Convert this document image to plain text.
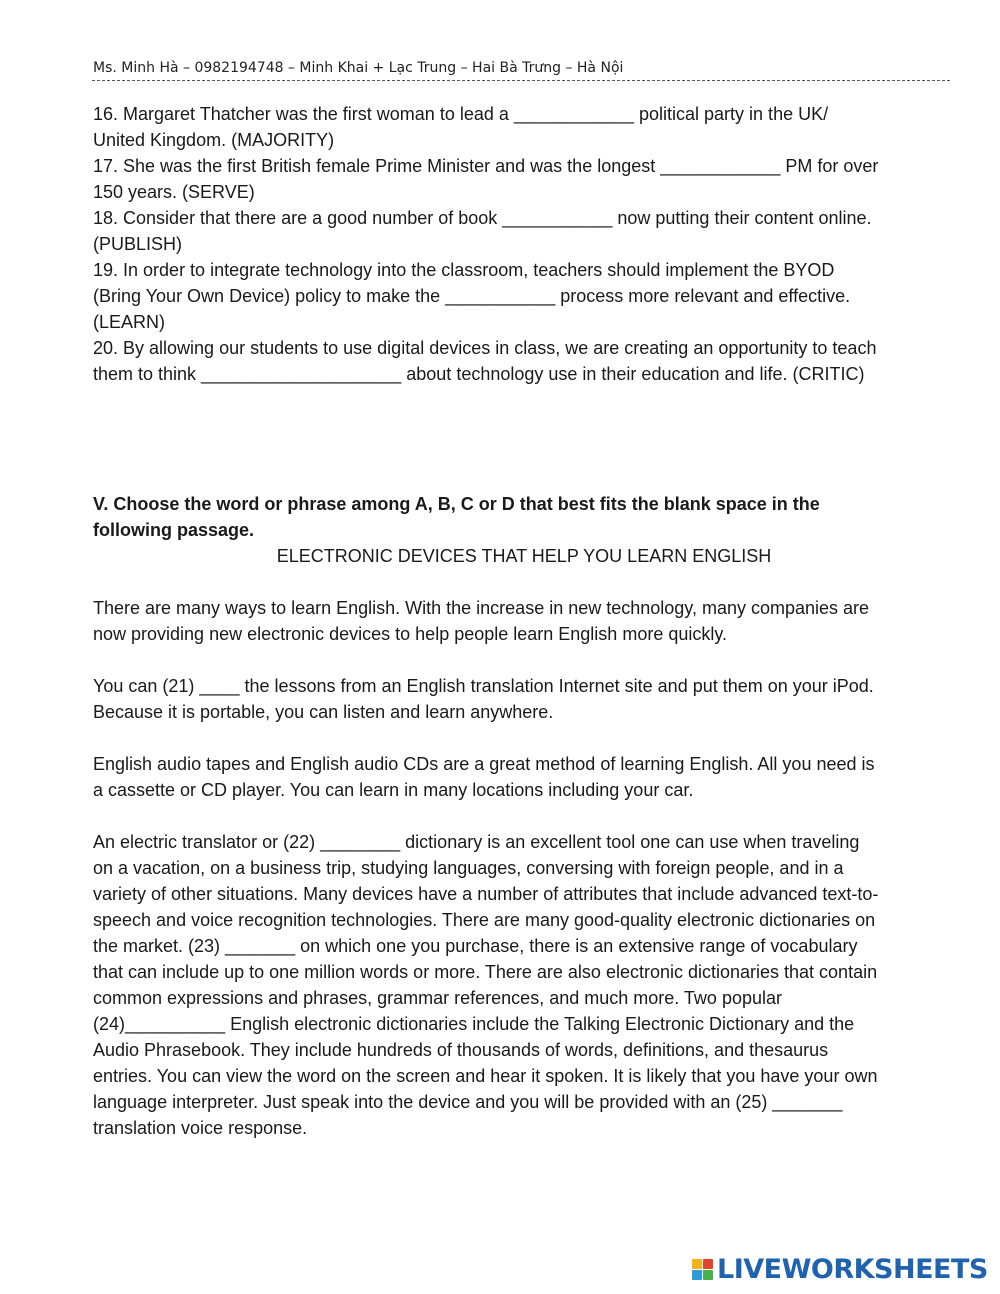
Ms. Minh Hà – 0982194748 – Minh Khai + Lạc Trung – Hai Bà Trưng – Hà Nội

16. Margaret Thatcher was the first woman to lead a ____________ political party in the UK/

United Kingdom. (MAJORITY)

17. She was the first British female Prime Minister and was the longest ____________ PM for over

150 years. (SERVE)

18. Consider that there are a good number of book ___________ now putting their content online.

(PUBLISH)

19. In order to integrate technology into the classroom, teachers should implement the BYOD

(Bring Your Own Device) policy to make the ___________ process more relevant and effective.

(LEARN)

20. By allowing our students to use digital devices in class, we are creating an opportunity to teach

them to think ____________________ about technology use in their education and life. (CRITIC)

V. Choose the word or phrase among A, B, C or D that best fits the blank space in the

following passage.

ELECTRONIC DEVICES THAT HELP YOU LEARN ENGLISH

There are many ways to learn English. With the increase in new technology, many companies are

now providing new electronic devices to help people learn English more quickly.

You can (21) ____ the lessons from an English translation Internet site and put them on your iPod.

Because it is portable, you can listen and learn anywhere.

English audio tapes and English audio CDs are a great method of learning English. All you need is

a cassette or CD player. You can learn in many locations including your car.

An electric translator or (22) ________ dictionary is an excellent tool one can use when traveling

on a vacation, on a business trip, studying languages, conversing with foreign people, and in a

variety of other situations. Many devices have a number of attributes that include advanced text-to-

speech and voice recognition technologies. There are many good-quality electronic dictionaries on

the market. (23) _______ on which one you purchase, there is an extensive range of vocabulary

that can include up to one million words or more. There are also electronic dictionaries that contain

common expressions and phrases, grammar references, and much more. Two popular

(24)__________ English electronic dictionaries include the Talking Electronic Dictionary and the

Audio Phrasebook. They include hundreds of thousands of words, definitions, and thesaurus

entries. You can view the word on the screen and hear it spoken. It is likely that you have your own

language interpreter. Just speak into the device and you will be provided with an (25) _______

translation voice response.

LIVEWORKSHEETS
